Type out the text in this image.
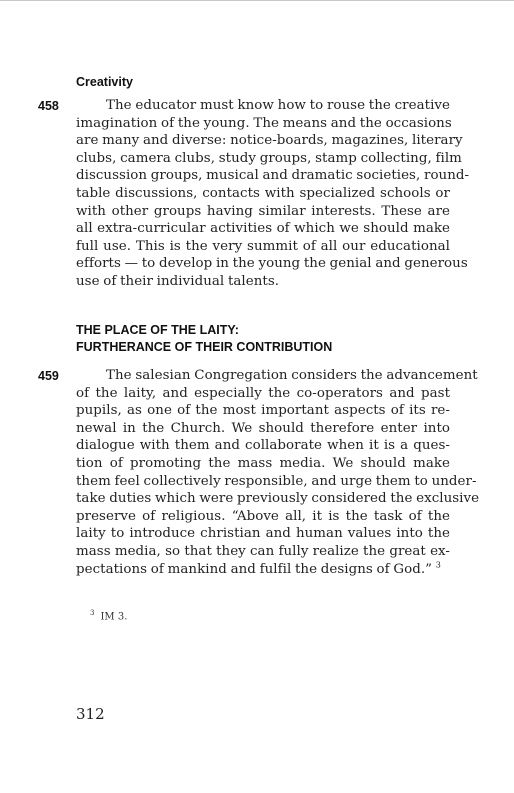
Creativity
458	The educator must know how to rouse the creative
imagination of the young. The means and the occasions
are many and diverse: notice-boards, magazines, literary
clubs, camera clubs, study groups, stamp collecting, film
discussion groups, musical and dramatic societies, round-
table discussions, contacts with specialized schools or
with other groups having similar interests. These are
all extra-curricular activities of which we should make
full use. This is the very summit of all our educational
efforts — to develop in the young the genial and generous
use of their individual talents.
THE PLACE OF THE LAITY:
FURTHERANCE OF THEIR CONTRIBUTION
459	The salesian Congregation considers the advancement
of the laity, and especially the co-operators and past
pupils, as one of the most important aspects of its re-
newal in the Church. We should therefore enter into
dialogue with them and collaborate when it is a ques-
tion of promoting the mass media. We should make
them feel collectively responsible, and urge them to under-
take duties which were previously considered the exclusive
preserve of religious. “Above all, it is the task of the
laity to introduce christian and human values into the
mass media, so that they can fully realize the great ex-
pectations of mankind and fulfil the designs of God.” $^3$
$^3$ IM 3.
312
